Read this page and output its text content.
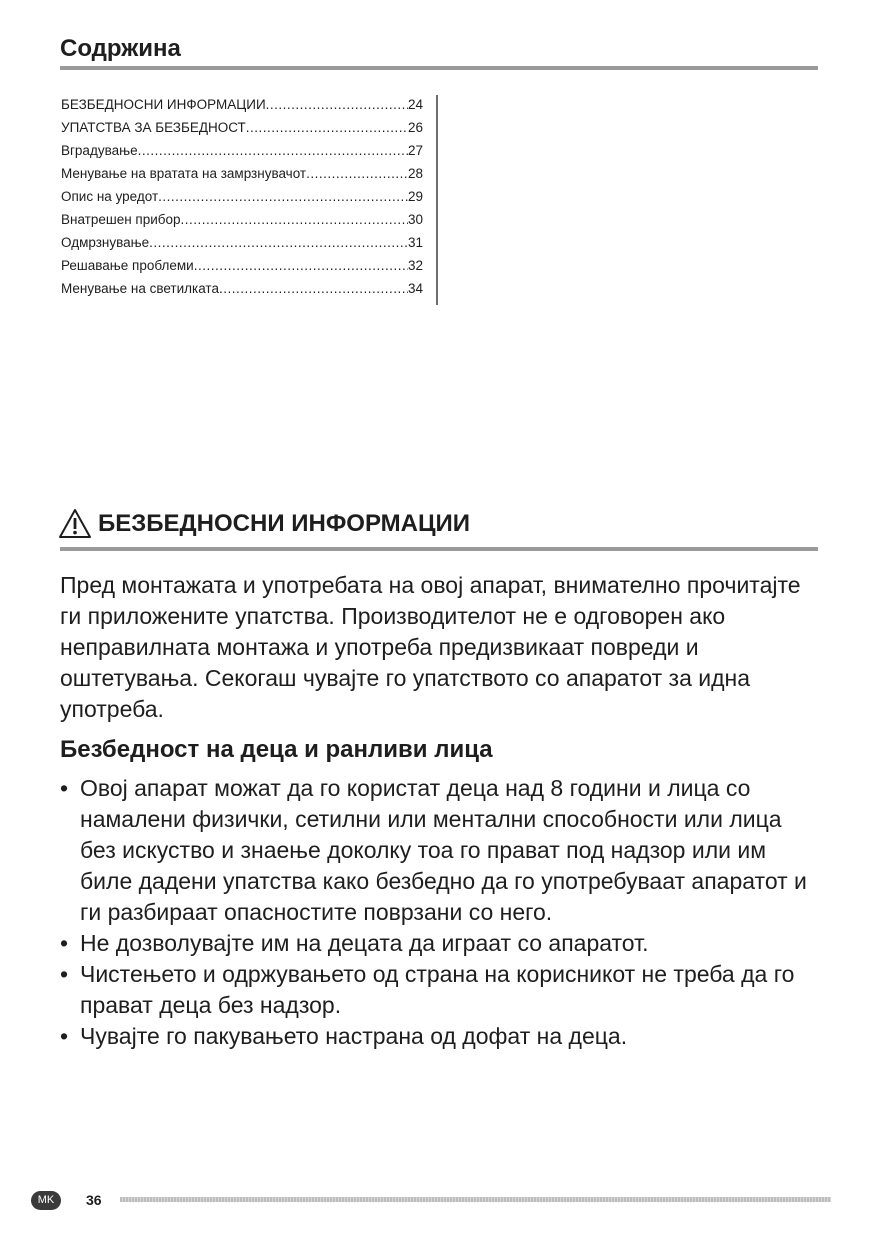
Содржина
БЕЗБЕДНОСНИ ИНФОРМАЦИИ .....	24
УПАТСТВА ЗА БЕЗБЕДНОСТ .....	26
Вградување .....	27
Менување на вратата на замрзнувачот .....	28
Опис на уредот .....	29
Внатрешен прибор .....	30
Одмрзнување .....	31
Решавање проблеми .....	32
Менување на светилката .....	34
БЕЗБЕДНОСНИ ИНФОРМАЦИИ

Пред монтажата и употребата на овој апарат, внимателно прочитајте ги приложените упатства. Производителот не е одговорен ако неправилната монтажа и употреба предизвикаат повреди и оштетувања. Секогаш чувајте го упатството со апаратот за идна употреба.

Безбедност на деца и ранливи лица
• Овој апарат можат да го користат деца над 8 години и лица со намалени физички, сетилни или ментални способности или лица без искуство и знаење доколку тоа го прават под надзор или им биле дадени упатства како безбедно да го употребуваат апаратот и ги разбираат опасностите поврзани со него.
• Не дозволувајте им на децата да играат со апаратот.
• Чистењето и одржувањето од страна на корисникот не треба да го прават деца без надзор.
• Чувајте го пакувањето настрана од дофат на деца.
MK	36
